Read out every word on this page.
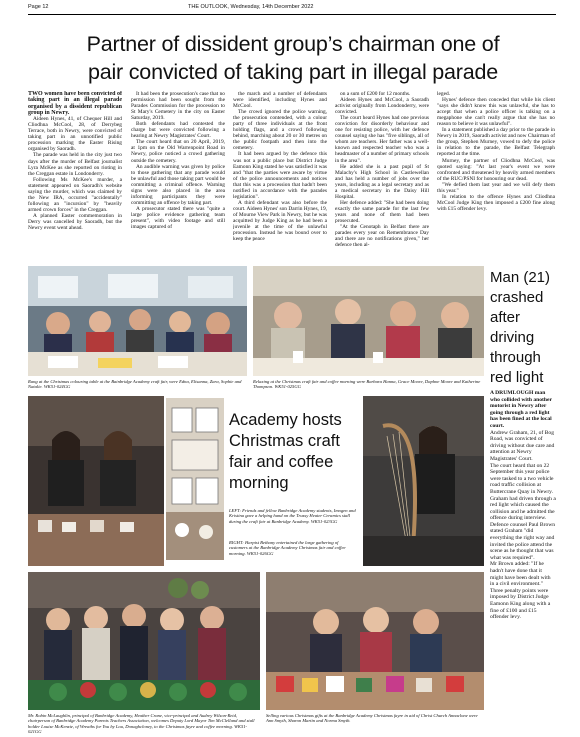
Page 12	THE OUTLOOK, Wednesday, 14th December 2022
Partner of dissident group’s chairman one of
pair convicted of taking part in illegal parade

TWO women have been convicted of taking part in an illegal parade organised by a dissident republican group in Newry.

Aideen Hynes, 41, of Chequer Hill and Cliodhna McCool, 28, of Derrybeg Terrace, both in Newry, were convicted of taking part in an unnotified public procession marking the Easter Rising organised by Saoradh.

The parade was held in the city just two days after the murder of Belfast journalist Lyra McKee as she reported on rioting in the Creggan estate in Londonderry.

Following Ms McKee's murder, a statement appeared on Saoradh's website saying the murder, which was claimed by the New IRA, occurred "accidentally" following an "incursion" by "heavily armed crown forces" in the Creggan.

A planned Easter commemoration in Derry was cancelled by Saoradh, but the Newry event went ahead.

It had been the prosecution's case that no permission had been sought from the Parades Commission for the procession to St Mary's Cemetery in the city on Easter Saturday, 2019.

Both defendants had contested the charge but were convicted following a hearing at Newry Magistrates' Court.

The court heard that on 20 April, 2019, at 1pm on the Old Warrenpoint Road in Newry, police noticed a crowd gathering outside the cemetery.

An audible warning was given by police to those gathering that any parade would be unlawful and those taking part would be committing a criminal offence. Warning signs were also placed in the area informing participants they were committing an offence by taking part.

A prosecutor stated there was "quite a large police evidence gathering team present", with video footage and still images captured of

the march and a number of defendants were identified, including Hynes and McCool.

The crowd ignored the police warning, the prosecution contended, with a colour party of three individuals at the front holding flags, and a crowd following behind, marching about 20 or 30 metres on the public footpath and then into the cemetery.

It had been argued by the defence this was not a public place but District Judge Eamonn King stated he was satisfied it was and "that the parties were aware by virtue of the police announcements and notices that this was a procession that hadn't been notified in accordance with the parades legislation".

A third defendant was also before the court. Aideen Hynes' son Darrin Hynes, 19, of Mourne View Park in Newry, but he was acquitted by Judge King as he had been a juvenile at the time of the unlawful procession. Instead he was bound over to keep the peace

on a sum of £200 for 12 months.

Aideen Hynes and McCool, a Saoradh activist originally from Londonderry, were convicted.

The court heard Hynes had one previous conviction for disorderly behaviour and one for resisting police, with her defence counsel saying she has "five siblings, all of whom are teachers. Her father was a well-known and respected teacher who was a headmaster of a number of primary schools in the area".

He added she is a past pupil of St Malachy's High School in Castlewellan and has held a number of jobs over the years, including as a legal secretary and as a medical secretary in the Daisy Hill Hospital.

Her defence added: "She had been doing exactly the same parade for the last few years and none of them had been prosecuted.

"At the Cenotaph in Belfast there are parades every year on Remembrance Day and there are no notifications given," her defence then al-

leged.

Hynes' defence then conceded that while his client "says she didn't know this was unlawful, she has to accept that when a police officer is talking on a megaphone she can't really argue that she has no reason to believe it was unlawful".

In a statement published a day prior to the parade in Newry in 2019, Saoradh activist and now Chairman of the group, Stephen Murney, vowed to defy the police in relation to the parade, the Belfast Telegraph reported at the time.

Murney, the partner of Cliodhna McCool, was quoted saying: "At last year's event we were confronted and threatened by heavily armed members of the RUC/PSNI for honouring our dead.

"We defied them last year and we will defy them this year."

In relation to the offence Hynes and Cliodhna McCool Judge King then imposed a £200 fine along with £15 offender levy.

Rang at the Christmas colouring table at the Bainbridge Academy craft fair, were Edna, Elisanna, Zara, Sophie and Natalie. WK51-024GG
Relaxing at the Christmas craft fair and coffee morning were Barbara Hanna, Grace Moore, Daphne Moore and Katherine Thompson. WK51-025GG
Man (21)
crashed
after
driving
through
red light

A DRUMLOUGH man who collided with another motorist in Newry after going through a red light has been fined at the local court.

Andrew Graham, 21, of Bog Road, was convicted of driving without due care and attention at Newry Magistrates' Court.

The court heard that on 22 September this year police were tasked to a two vehicle road traffic collision at Buttercrane Quay in Newry.

Graham had driven through a red light which caused the collision and he admitted the offence during interview.

Defence counsel Paul Brown stated Graham "did everything the right way and invited the police attend the scene as he thought that was what was required".

Mr Brown added: "If he hadn't have done that it might have been dealt with in a civil environment."

Three penalty points were imposed by District Judge Eamonn King along with a fine of £100 and £15 offender levy.

Academy hosts
Christmas craft
fair and coffee
morning
LEFT: Friends and fellow Banbridge Academy students, Imogen and Kristina gave a helping hand on the Trussy Heater Ceramics stall during the craft fair at Banbridge Academy. WK51-023GG
RIGHT: Harpist Bethany entertained the large gathering of customers at the Banbridge Academy Christmas fair and coffee morning. WK51-026GG
Mr. Robin McLaughlin, principal of Banbridge Academy, Heather Crane, vice-principal and Audrey Wilson-Reid, chairperson of Banbridge Academy Parents Teachers Association, welcomes Deputy Lord Mayor Tim McClelland and stall holder Louise McKenzie, of Wreaths for You by Lou, Donaghcloney, to the Christmas fayre and coffee morning. WK51-021GG
Selling various Christmas gifts at the Banbridge Academy Christmas fayre in aid of Christ Church Annaclone were Ann Smyth, Sharon Martin and Norma Smyth.
